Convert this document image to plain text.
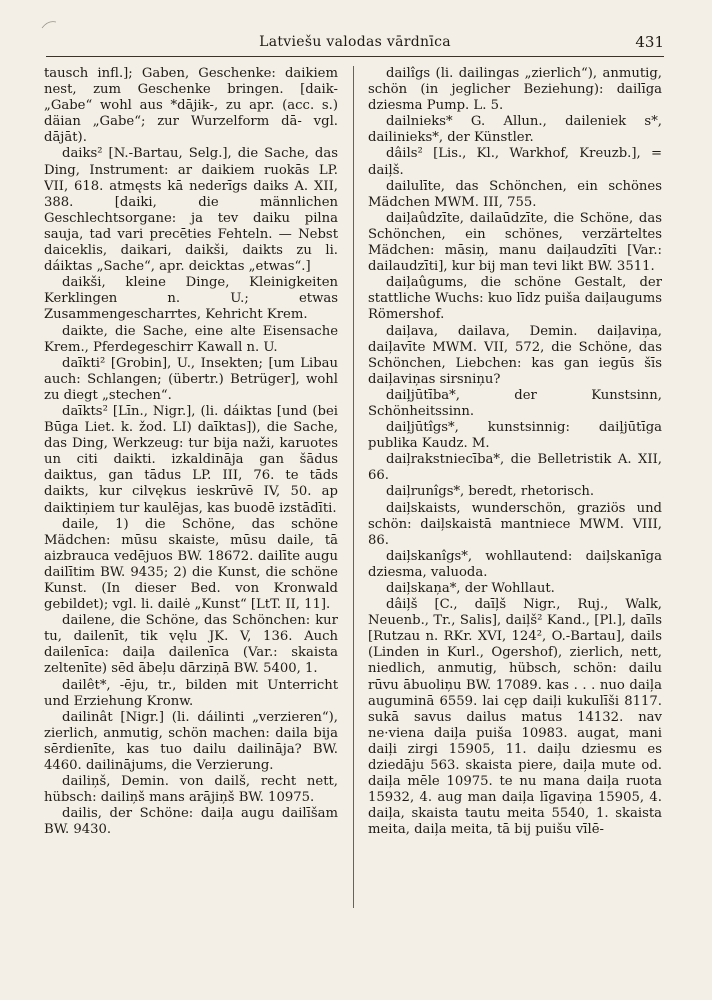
Latviešu valodas vārdnīca	431

tausch infl.]; Gaben, Geschenke: daikiem nest, zum Geschenke bringen. [daik- „Gabe“ wohl aus *dājik-, zu apr. (acc. s.) däian „Gabe“; zur Wurzelform dā- vgl. dājāt).

daiks² [N.-Bartau, Selg.], die Sache, das Ding, Instrument: ar daikiem ruokās LP. VII, 618. atmęsts kā nederīgs daiks A. XII, 388. [daiki, die männlichen Geschlechtsorgane: ja tev daiku pilna sauja, tad vari precēties Fehteln. — Nebst daiceklis, daikari, daikši, daikts zu li. dáiktas „Sache“, apr. deicktas „etwas“.]

daikši, kleine Dinge, Kleinigkeiten Kerklingen n. U.; etwas Zusammengescharrtes, Kehricht Krem.

daikte, die Sache, eine alte Eisensache Krem., Pferdegeschirr Kawall n. U.

daīkti² [Grobin], U., Insekten; [um Libau auch: Schlangen; (übertr.) Betrüger], wohl zu diegt „stechen“.

daīkts² [Līn., Nigr.], (li. dáiktas [und (bei Būga Liet. k. žod. LI) daīktas]), die Sache, das Ding, Werkzeug: tur bija naži, karuotes un citi daikti. izkaldināja gan šādus daiktus, gan tādus LP. III, 76. te tāds daikts, kur cilvękus ieskrūvē IV, 50. ap daiktiņiem tur kaulējas, kas buodē izstādīti.

daile, 1) die Schöne, das schöne Mädchen: mūsu skaiste, mūsu daile, tā aizbrauca vedējuos BW. 18672. dailīte augu dailītim BW. 9435; 2) die Kunst, die schöne Kunst. (In dieser Bed. von Kronwald gebildet); vgl. li. dailė „Kunst“ [LtT. II, 11].

dailene, die Schöne, das Schönchen: kur tu, dailenīt, tik vęlu JK. V, 136. Auch dailenīca: daiļa dailenīca (Var.: skaista zeltenīte) sēd ābeļu dārziņā BW. 5400, 1.

dailêt*, -ēju, tr., bilden mit Unterricht und Erziehung Kronw.

dailinât [Nigr.] (li. dáilinti „verzieren“), zierlich, anmutig, schön machen: daila bija sērdienīte, kas tuo dailu dailināja? BW. 4460. dailinājums, die Verzierung.

dailiņš, Demin. von dailš, recht nett, hübsch: dailiņš mans arājiņš BW. 10975.

dailis, der Schöne: daiļa augu dailīšam BW. 9430.

dailîgs (li. dailingas „zierlich“), anmutig, schön (in jeglicher Beziehung): dailīga dziesma Pump. L. 5.

dailnieks* G. Allun., daileniek s*, dailinieks*, der Künstler.

dâils² [Lis., Kl., Warkhof, Kreuzb.], = daiļš.

dailulīte, das Schönchen, ein schönes Mädchen MWM. III, 755.

daiļaûdzīte, dailaūdzīte, die Schöne, das Schönchen, ein schönes, verzärteltes Mädchen: māsiņ, manu daiļaudzīti [Var.: dailaudzīti], kur bij man tevi likt BW. 3511.

daiļaûgums, die schöne Gestalt, der stattliche Wuchs: kuo līdz puiša daiļaugums Römershof.

daiļava, dailava, Demin. daiļaviņa, daiļavīte MWM. VII, 572, die Schöne, das Schönchen, Liebchen: kas gan iegūs šīs daiļaviņas sirsniņu?

daiļjūtība*, der Kunstsinn, Schönheitssinn.

daiļjūtîgs*, kunstsinnig: daiļjūtīga publika Kaudz. M.

daiļrakstniecība*, die Belletristik A. XII, 66.

daiļrunîgs*, beredt, rhetorisch.

daiļskaists, wunderschön, graziös und schön: daiļskaistā mantniece MWM. VIII, 86.

daiļskanîgs*, wohllautend: daiļskanīga dziesma, valuoda.

daiļskaņa*, der Wohllaut.

dâiļš [C., daīļš Nigr., Ruj., Walk, Neuenb., Tr., Salis], daiļš² Kand., [Pl.], daīls [Rutzau n. RKr. XVI, 124², O.-Bartau], dails (Linden in Kurl., Ogershof), zierlich, nett, niedlich, anmutig, hübsch, schön: dailu rūvu ābuoliņu BW. 17089. kas . . . nuo daiļa auguminā 6559. lai cęp daiļi kukulīši 8117. sukā savus dailus matus 14132. nav ne·viena daiļa puiša 10983. augat, mani daiļi zirgi 15905, 11. daiļu dziesmu es dziedāju 563. skaista piere, daiļa mute od. daiļa mēle 10975. te nu mana daiļa ruota 15932, 4. aug man daiļa līgaviņa 15905, 4. daiļa, skaista tautu meita 5540, 1. skaista meita, daiļa meita, tā bij puišu vīlē-
